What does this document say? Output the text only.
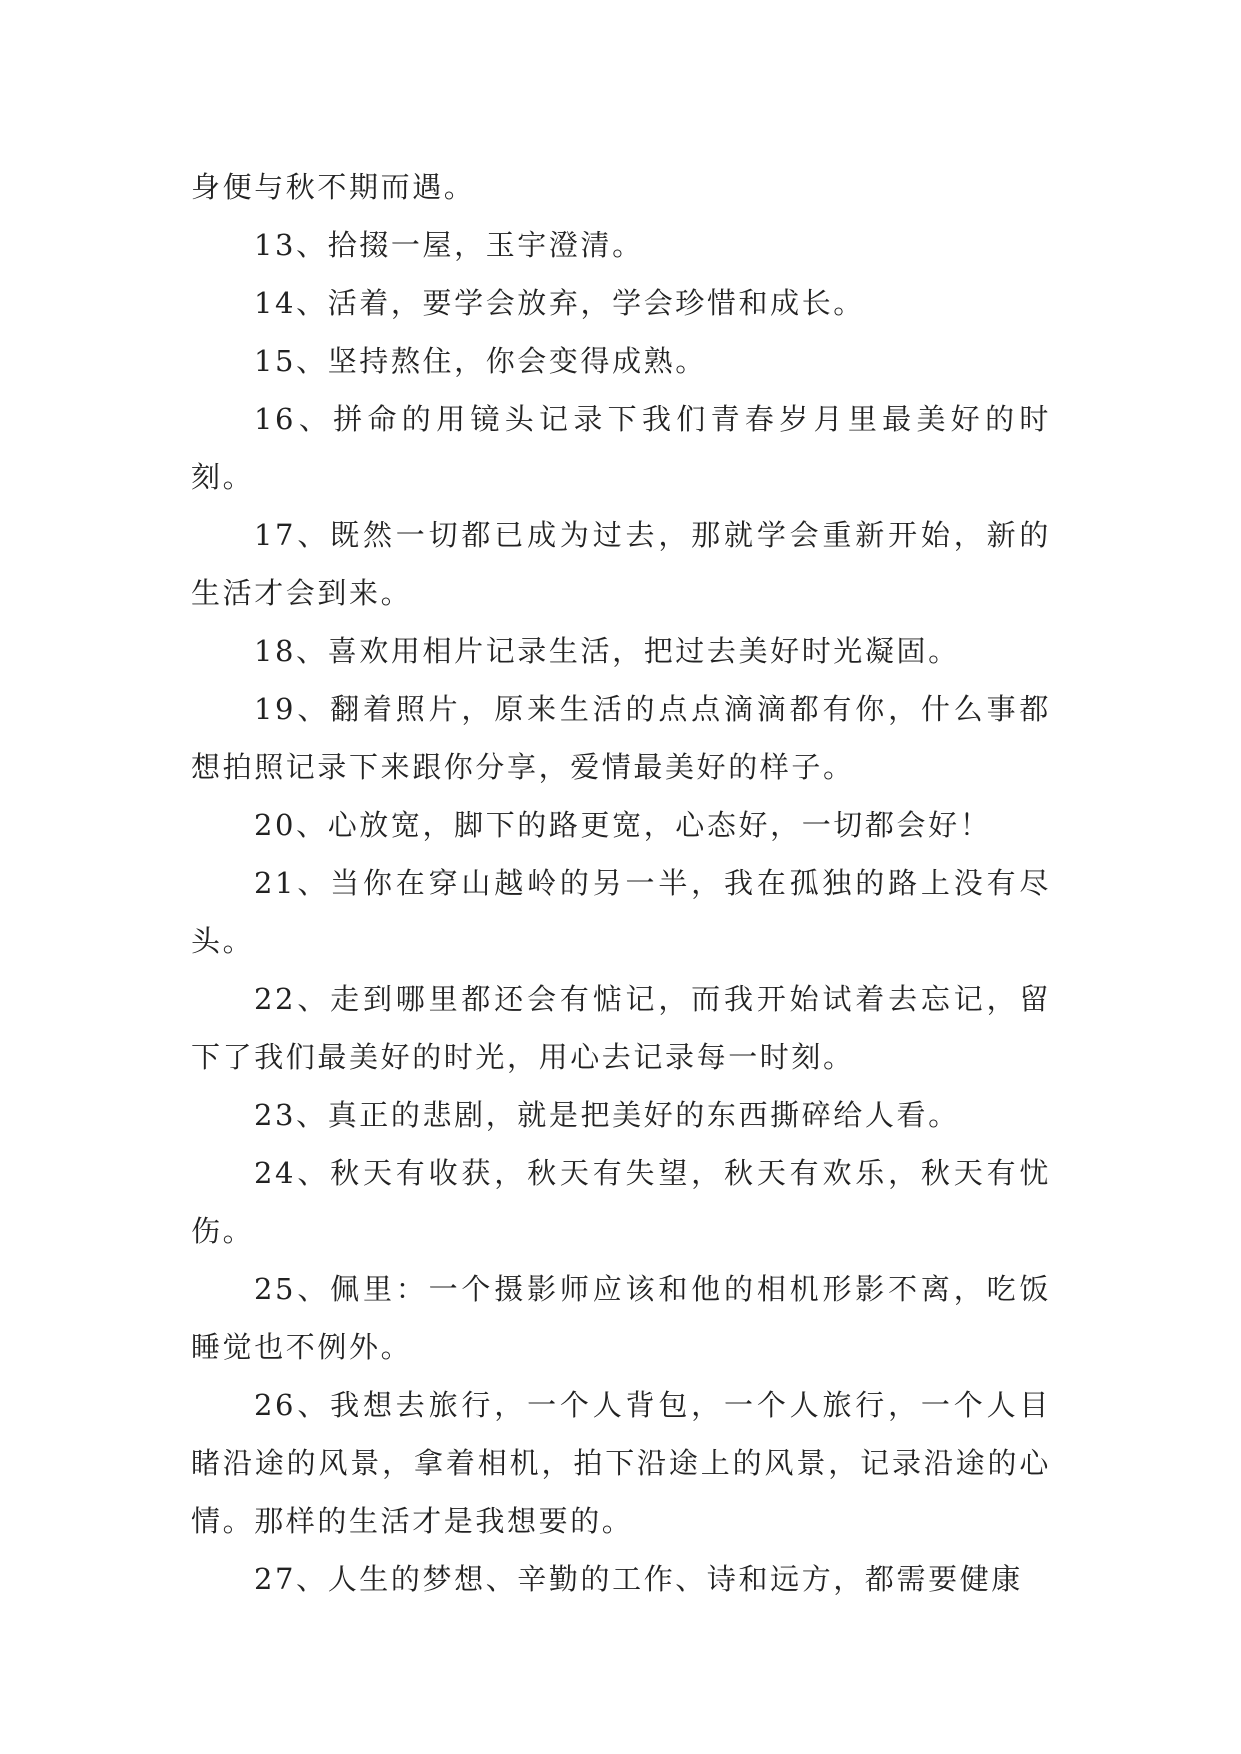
身便与秋不期而遇。

13、拾掇一屋，玉宇澄清。

14、活着，要学会放弃，学会珍惜和成长。

15、坚持熬住，你会变得成熟。

16、拼命的用镜头记录下我们青春岁月里最美好的时刻。

17、既然一切都已成为过去，那就学会重新开始，新的生活才会到来。

18、喜欢用相片记录生活，把过去美好时光凝固。

19、翻着照片，原来生活的点点滴滴都有你，什么事都想拍照记录下来跟你分享，爱情最美好的样子。

20、心放宽，脚下的路更宽，心态好，一切都会好！

21、当你在穿山越岭的另一半，我在孤独的路上没有尽头。

22、走到哪里都还会有惦记，而我开始试着去忘记，留下了我们最美好的时光，用心去记录每一时刻。

23、真正的悲剧，就是把美好的东西撕碎给人看。

24、秋天有收获，秋天有失望，秋天有欢乐，秋天有忧伤。

25、佩里：一个摄影师应该和他的相机形影不离，吃饭睡觉也不例外。

26、我想去旅行，一个人背包，一个人旅行，一个人目睹沿途的风景，拿着相机，拍下沿途上的风景，记录沿途的心情。那样的生活才是我想要的。

27、人生的梦想、辛勤的工作、诗和远方，都需要健康
